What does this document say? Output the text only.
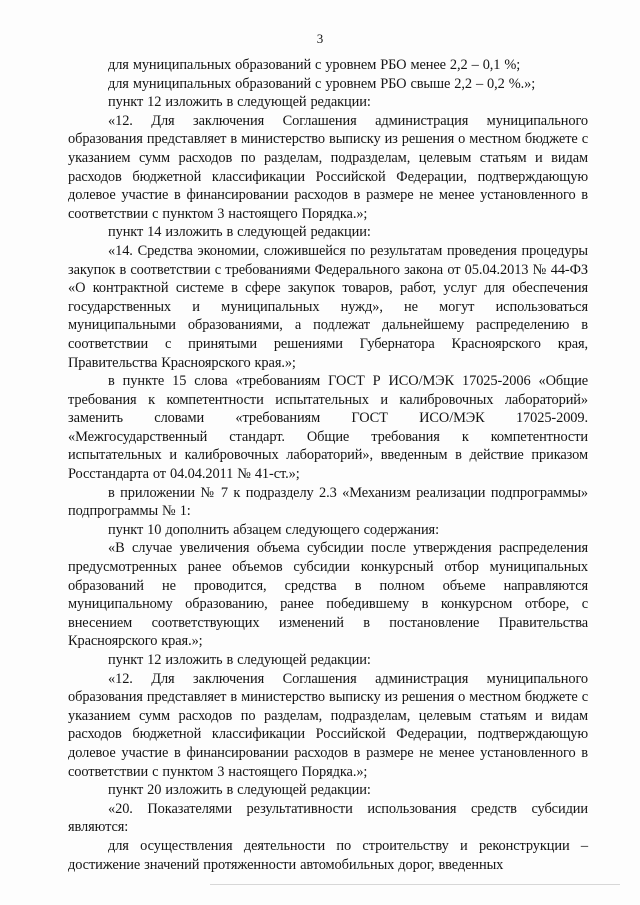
3

для муниципальных образований с уровнем РБО менее 2,2 – 0,1 %;

для муниципальных образований с уровнем РБО свыше 2,2 – 0,2 %.»;

пункт 12 изложить в следующей редакции:

«12. Для заключения Соглашения администрация муниципального образования представляет в министерство выписку из решения о местном бюджете с указанием сумм расходов по разделам, подразделам, целевым статьям и видам расходов бюджетной классификации Российской Федерации, подтверждающую долевое участие в финансировании расходов в размере не менее установленного в соответствии с пунктом 3 настоящего Порядка.»;

пункт 14 изложить в следующей редакции:

«14. Средства экономии, сложившейся по результатам проведения процедуры закупок в соответствии с требованиями Федерального закона от 05.04.2013 № 44-ФЗ «О контрактной системе в сфере закупок товаров, работ, услуг для обеспечения государственных и муниципальных нужд», не могут использоваться муниципальными образованиями, а подлежат дальнейшему распределению в соответствии с принятыми решениями Губернатора Красноярского края, Правительства Красноярского края.»;

в пункте 15 слова «требованиям ГОСТ Р ИСО/МЭК 17025-2006 «Общие требования к компетентности испытательных и калибровочных лабораторий» заменить словами «требованиям ГОСТ ИСО/МЭК 17025-2009. «Межгосударственный стандарт. Общие требования к компетентности испытательных и калибровочных лабораторий», введенным в действие приказом Росстандарта от 04.04.2011 № 41-ст.»;

в приложении № 7 к подразделу 2.3 «Механизм реализации подпрограммы» подпрограммы № 1:

пункт 10 дополнить абзацем следующего содержания:

«В случае увеличения объема субсидии после утверждения распределения предусмотренных ранее объемов субсидии конкурсный отбор муниципальных образований не проводится, средства в полном объеме направляются муниципальному образованию, ранее победившему в конкурсном отборе, с внесением соответствующих изменений в постановление Правительства Красноярского края.»;

пункт 12 изложить в следующей редакции:

«12. Для заключения Соглашения администрация муниципального образования представляет в министерство выписку из решения о местном бюджете с указанием сумм расходов по разделам, подразделам, целевым статьям и видам расходов бюджетной классификации Российской Федерации, подтверждающую долевое участие в финансировании расходов в размере не менее установленного в соответствии с пунктом 3 настоящего Порядка.»;

пункт 20 изложить в следующей редакции:

«20. Показателями результативности использования средств субсидии являются:

для осуществления деятельности по строительству и реконструкции – достижение значений протяженности автомобильных дорог, введенных
